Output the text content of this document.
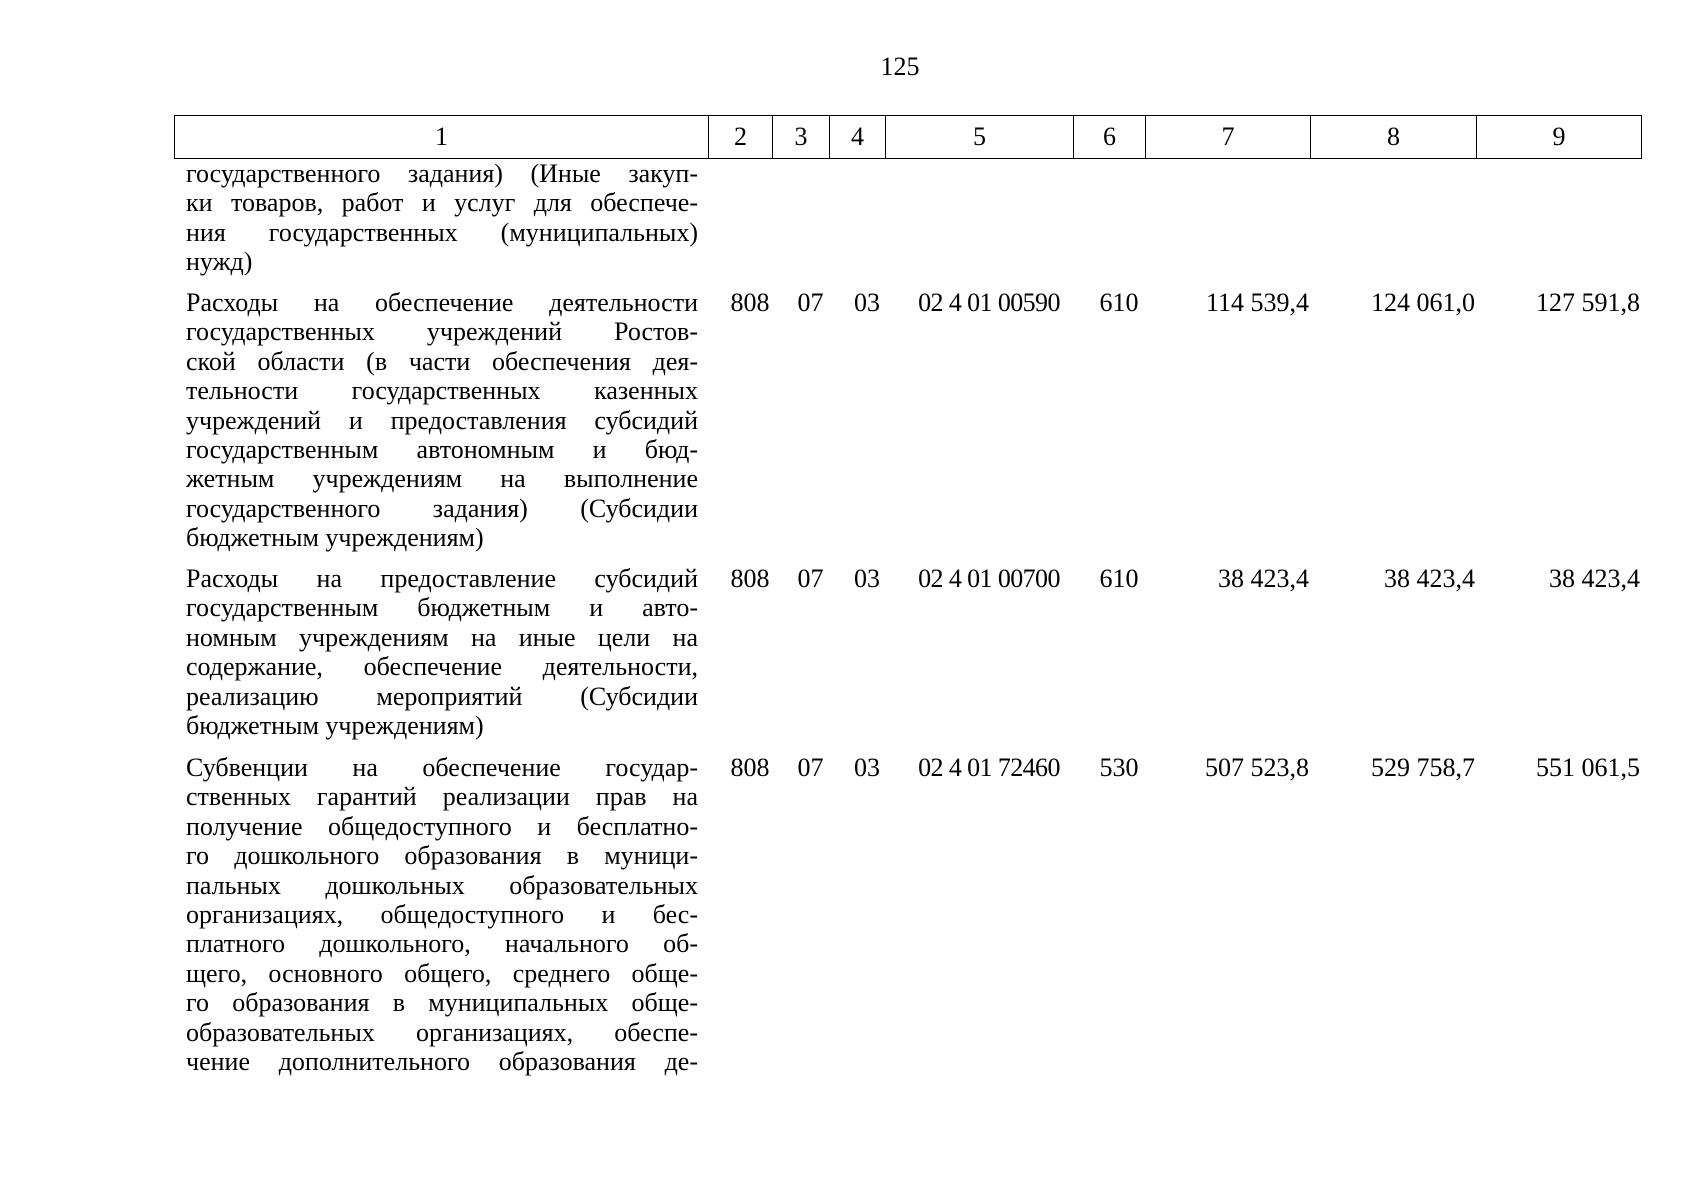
125
1	2	3	4	5	6	7	8	9
государственного задания) (Иные закуп-
ки товаров, работ и услуг для обеспече-
ния государственных (муниципальных)
нужд)
Расходы на обеспечение деятельности
государственных учреждений Ростов-
ской области (в части обеспечения дея-
тельности государственных казенных
учреждений и предоставления субсидий
государственным автономным и бюд-
жетным учреждениям на выполнение
государственного задания) (Субсидии
бюджетным учреждениям)
808	07	03	02 4 01 00590	610	114 539,4	124 061,0	127 591,8
Расходы на предоставление субсидий
государственным бюджетным и авто-
номным учреждениям на иные цели на
содержание, обеспечение деятельности,
реализацию мероприятий (Субсидии
бюджетным учреждениям)
808	07	03	02 4 01 00700	610	38 423,4	38 423,4	38 423,4
Субвенции на обеспечение государ-
ственных гарантий реализации прав на
получение общедоступного и бесплатно-
го дошкольного образования в муници-
пальных дошкольных образовательных
организациях, общедоступного и бес-
платного дошкольного, начального об-
щего, основного общего, среднего обще-
го образования в муниципальных обще-
образовательных организациях, обеспе-
чение дополнительного образования де-
808	07	03	02 4 01 72460	530	507 523,8	529 758,7	551 061,5
